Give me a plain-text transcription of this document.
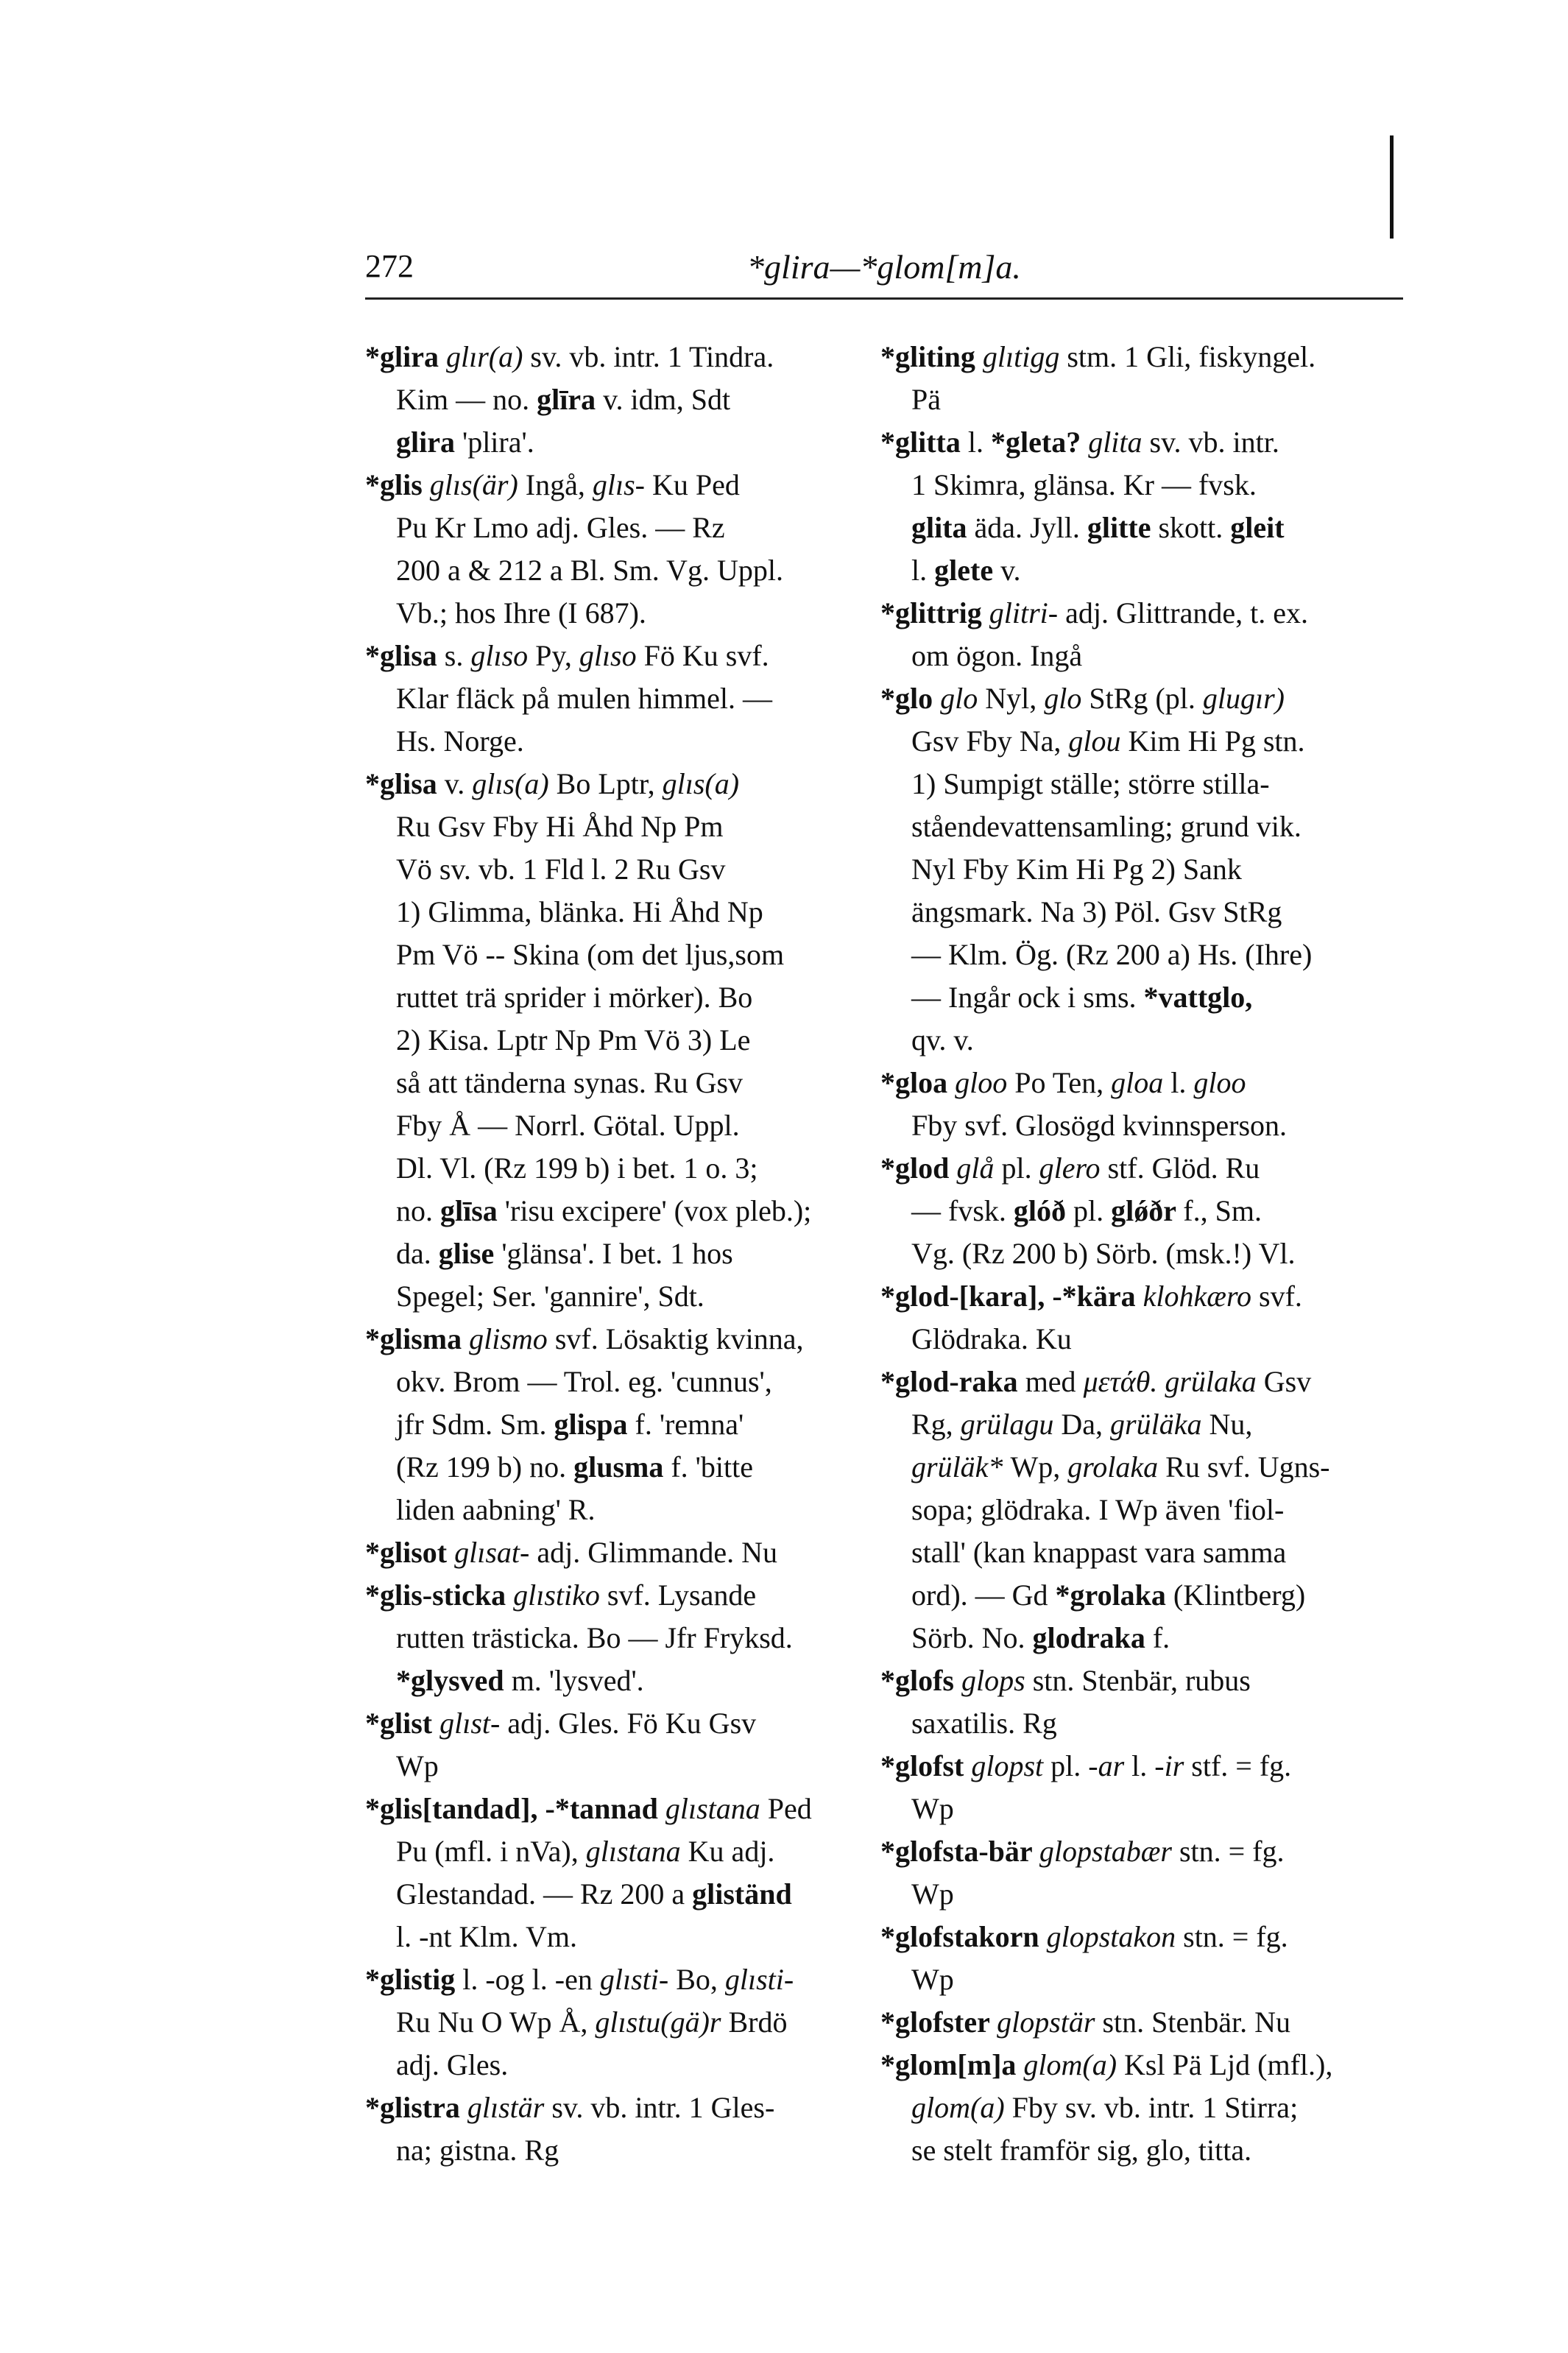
272	*glira—*glom[m]a.
*glira glır(a) sv. vb. intr. 1 Tindra.
Kim — no. glīra v. idm, Sdt
glira 'plira'.
*glis glıs(är) Ingå, glıs- Ku Ped
Pu Kr Lmo adj. Gles. — Rz
200 a & 212 a Bl. Sm. Vg. Uppl.
Vb.; hos Ihre (I 687).
*glisa s. glıso Py, glıso Fö Ku svf.
Klar fläck på mulen himmel. —
Hs. Norge.
*glisa v. glıs(a) Bo Lptr, glıs(a)
Ru Gsv Fby Hi Åhd Np Pm
Vö sv. vb. 1 Fld l. 2 Ru Gsv
1) Glimma, blänka. Hi Åhd Np
Pm Vö -- Skina (om det ljus,som
ruttet trä sprider i mörker). Bo
2) Kisa. Lptr Np Pm Vö 3) Le
så att tänderna synas. Ru Gsv
Fby Å — Norrl. Götal. Uppl.
Dl. Vl. (Rz 199 b) i bet. 1 o. 3;
no. glīsa 'risu excipere' (vox pleb.);
da. glise 'glänsa'. I bet. 1 hos
Spegel; Ser. 'gannire', Sdt.
*glisma glismo svf. Lösaktig kvinna,
okv. Brom — Trol. eg. 'cunnus',
jfr Sdm. Sm. glispa f. 'remna'
(Rz 199 b) no. glusma f. 'bitte
liden aabning' R.
*glisot glısat- adj. Glimmande. Nu
*glis-sticka glıstiko svf. Lysande
rutten trästicka. Bo — Jfr Fryksd.
*glysved m. 'lysved'.
*glist glıst- adj. Gles. Fö Ku Gsv
Wp
*glis[tandad], -*tannad glıstana Ped
Pu (mfl. i nVa), glıstana Ku adj.
Glestandad. — Rz 200 a gliständ
l. -nt Klm. Vm.
*glistig l. -og l. -en glısti- Bo, glısti-
Ru Nu O Wp Å, glıstu(gä)r Brdö
adj. Gles.
*glistra glıstär sv. vb. intr. 1 Gles-
na; gistna. Rg
*gliting glıtigg stm. 1 Gli, fiskyngel.
Pä
*glitta l. *gleta? glita sv. vb. intr.
1 Skimra, glänsa. Kr — fvsk.
glita äda. Jyll. glitte skott. gleit
l. glete v.
*glittrig glitri- adj. Glittrande, t. ex.
om ögon. Ingå
*glo glo Nyl, glo StRg (pl. glugır)
Gsv Fby Na, glou Kim Hi Pg stn.
1) Sumpigt ställe; större stilla-
ståendevattensamling; grund vik.
Nyl Fby Kim Hi Pg 2) Sank
ängsmark. Na 3) Pöl. Gsv StRg
— Klm. Ög. (Rz 200 a) Hs. (Ihre)
— Ingår ock i sms. *vattglo,
qv. v.
*gloa gloo Po Ten, gloa l. gloo
Fby svf. Glosögd kvinnsperson.
*glod glå pl. glero stf. Glöd. Ru
— fvsk. glóð pl. glǿðr f., Sm.
Vg. (Rz 200 b) Sörb. (msk.!) Vl.
*glod-[kara], -*kära klohkæro svf.
Glödraka. Ku
*glod-raka med μετάθ. grülaka Gsv
Rg, grülagu Da, grüläka Nu,
grüläk* Wp, grolaka Ru svf. Ugns-
sopa; glödraka. I Wp även 'fiol-
stall' (kan knappast vara samma
ord). — Gd *grolaka (Klintberg)
Sörb. No. glodraka f.
*glofs glops stn. Stenbär, rubus
saxatilis. Rg
*glofst glopst pl. -ar l. -ir stf. = fg.
Wp
*glofsta-bär glopstabær stn. = fg.
Wp
*glofstakorn glopstakon stn. = fg.
Wp
*glofster glopstär stn. Stenbär. Nu
*glom[m]a glom(a) Ksl Pä Ljd (mfl.),
glom(a) Fby sv. vb. intr. 1 Stirra;
se stelt framför sig, glo, titta.
